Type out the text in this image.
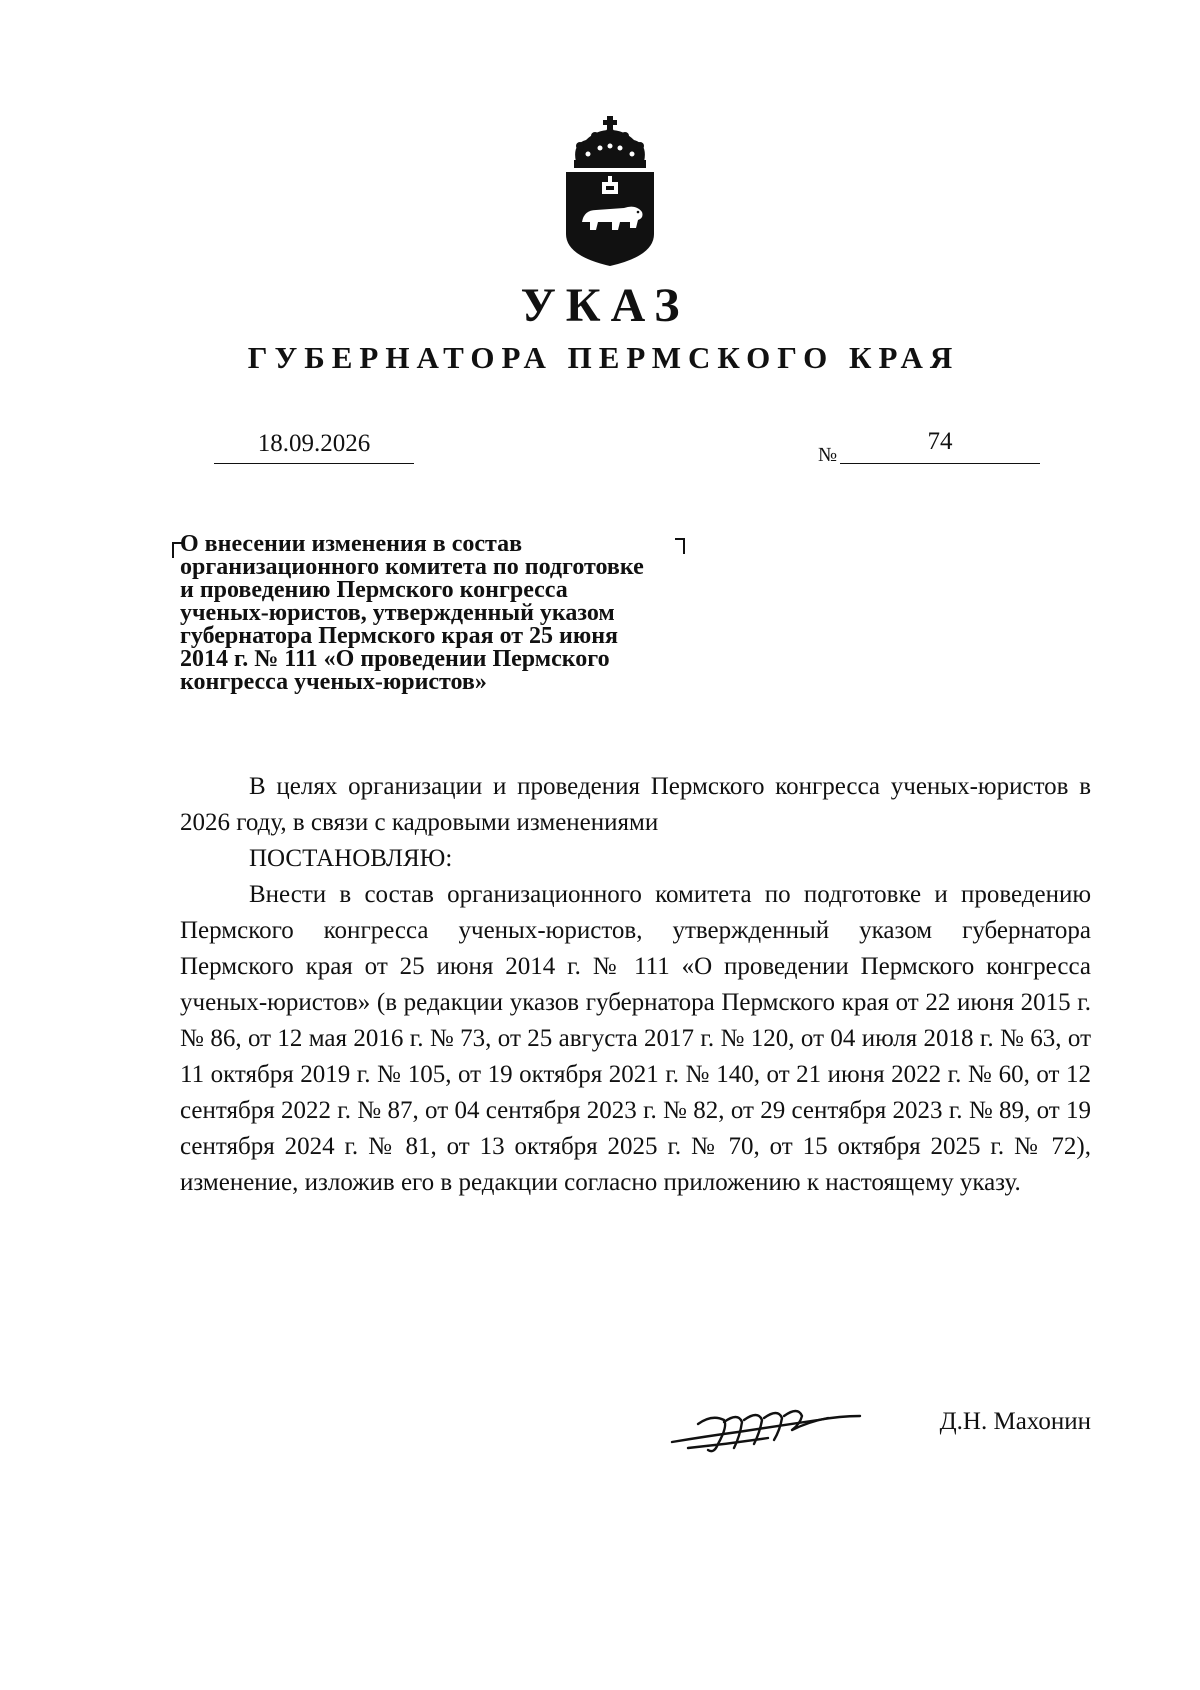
УКАЗ
ГУБЕРНАТОРА ПЕРМСКОГО КРАЯ
18.09.2026	№	74
О внесении изменения в состав
организационного комитета по подготовке
и проведению Пермского конгресса
ученых-юристов, утвержденный указом
губернатора Пермского края от 25 июня
2014 г. № 111 «О проведении Пермского
конгресса ученых-юристов»

В целях организации и проведения Пермского конгресса ученых-юристов в 2026 году, в связи с кадровыми изменениями

ПОСТАНОВЛЯЮ:

Внести в состав организационного комитета по подготовке и проведению Пермского конгресса ученых-юристов, утвержденный указом губернатора Пермского края от 25 июня 2014 г. № 111 «О проведении Пермского конгресса ученых-юристов» (в редакции указов губернатора Пермского края от 22 июня 2015 г. № 86, от 12 мая 2016 г. № 73, от 25 августа 2017 г. № 120, от 04 июля 2018 г. № 63, от 11 октября 2019 г. № 105, от 19 октября 2021 г. № 140, от 21 июня 2022 г. № 60, от 12 сентября 2022 г. № 87, от 04 сентября 2023 г. № 82, от 29 сентября 2023 г. № 89, от 19 сентября 2024 г. № 81, от 13 октября 2025 г. № 70, от 15 октября 2025 г. № 72), изменение, изложив его в редакции согласно приложению к настоящему указу.

Д.Н. Махонин
